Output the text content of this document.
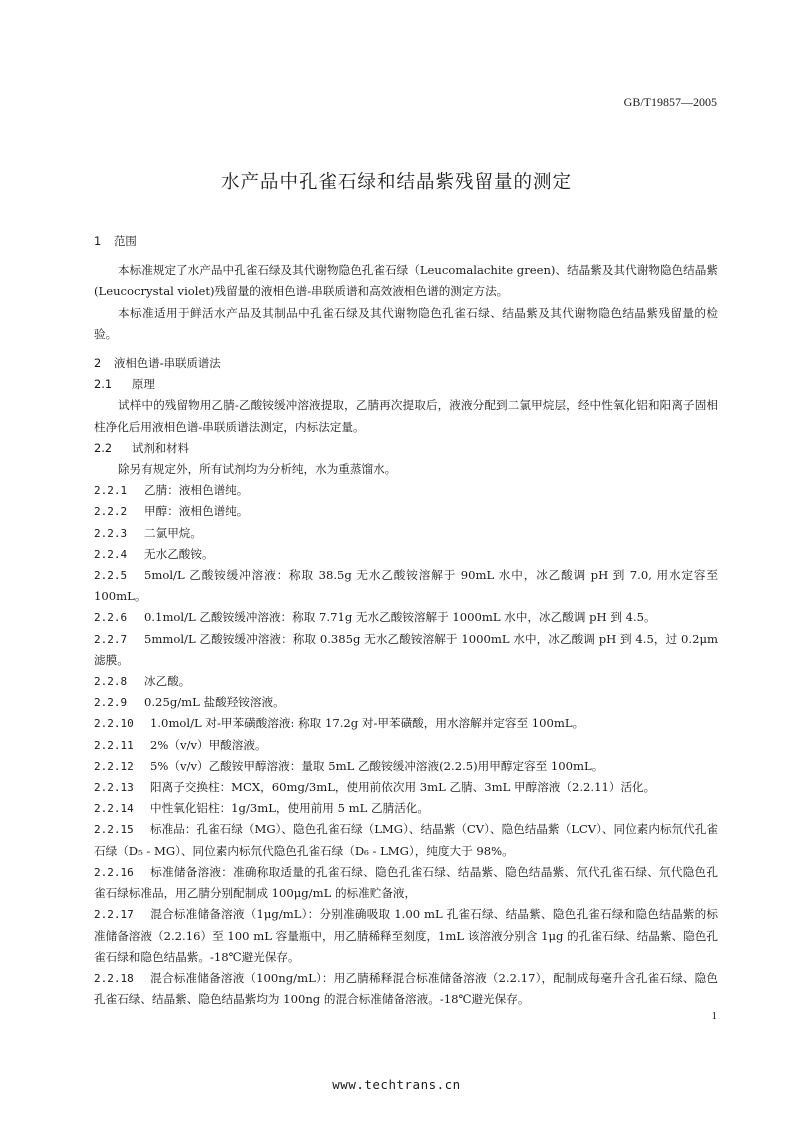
GB/T19857—2005
水产品中孔雀石绿和结晶紫残留量的测定
1 范围
本标准规定了水产品中孔雀石绿及其代谢物隐色孔雀石绿（Leucomalachite green)、结晶紫及其代谢物隐色结晶紫(Leucocrystal violet)残留量的液相色谱-串联质谱和高效液相色谱的测定方法。
本标准适用于鲜活水产品及其制品中孔雀石绿及其代谢物隐色孔雀石绿、结晶紫及其代谢物隐色结晶紫残留量的检验。
2 液相色谱-串联质谱法
2.1 原理
试样中的残留物用乙腈-乙酸铵缓冲溶液提取，乙腈再次提取后，液液分配到二氯甲烷层，经中性氧化铝和阳离子固相柱净化后用液相色谱-串联质谱法测定，内标法定量。
2.2 试剂和材料
除另有规定外，所有试剂均为分析纯，水为重蒸馏水。
2.2.1 乙腈：液相色谱纯。
2.2.2 甲醇：液相色谱纯。
2.2.3 二氯甲烷。
2.2.4 无水乙酸铵。
2.2.5 5mol/L 乙酸铵缓冲溶液：称取 38.5g 无水乙酸铵溶解于 90mL 水中，冰乙酸调 pH 到 7.0, 用水定容至 100mL。
2.2.6 0.1mol/L 乙酸铵缓冲溶液：称取 7.71g 无水乙酸铵溶解于 1000mL 水中，冰乙酸调 pH 到 4.5。
2.2.7 5mmol/L 乙酸铵缓冲溶液：称取 0.385g 无水乙酸铵溶解于 1000mL 水中，冰乙酸调 pH 到 4.5，过 0.2μm 滤膜。
2.2.8 冰乙酸。
2.2.9 0.25g/mL 盐酸羟铵溶液。
2.2.10 1.0mol/L 对-甲苯磺酸溶液: 称取 17.2g 对-甲苯磺酸，用水溶解并定容至 100mL。
2.2.11 2%（v/v）甲酸溶液。
2.2.12 5%（v/v）乙酸铵甲醇溶液：量取 5mL 乙酸铵缓冲溶液(2.2.5)用甲醇定容至 100mL。
2.2.13 阳离子交换柱：MCX，60mg/3mL，使用前依次用 3mL 乙腈、3mL 甲醇溶液（2.2.11）活化。
2.2.14 中性氧化铝柱：1g/3mL，使用前用 5 mL 乙腈活化。
2.2.15 标准品：孔雀石绿（MG）、隐色孔雀石绿（LMG）、结晶紫（CV）、隐色结晶紫（LCV）、同位素内标氘代孔雀石绿（D₅ - MG）、同位素内标氘代隐色孔雀石绿（D₆ - LMG），纯度大于 98%。
2.2.16 标准储备溶液：准确称取适量的孔雀石绿、隐色孔雀石绿、结晶紫、隐色结晶紫、氘代孔雀石绿、氘代隐色孔雀石绿标准品，用乙腈分别配制成 100μg/mL 的标准贮备液，
2.2.17 混合标准储备溶液（1μg/mL）：分别准确吸取 1.00 mL 孔雀石绿、结晶紫、隐色孔雀石绿和隐色结晶紫的标准储备溶液（2.2.16）至 100 mL 容量瓶中，用乙腈稀释至刻度，1mL 该溶液分别含 1μg 的孔雀石绿、结晶紫、隐色孔雀石绿和隐色结晶紫。-18℃避光保存。
2.2.18 混合标准储备溶液（100ng/mL）：用乙腈稀释混合标准储备溶液（2.2.17），配制成每毫升含孔雀石绿、隐色孔雀石绿、结晶紫、隐色结晶紫均为 100ng 的混合标准储备溶液。-18℃避光保存。
1
www.techtrans.cn
